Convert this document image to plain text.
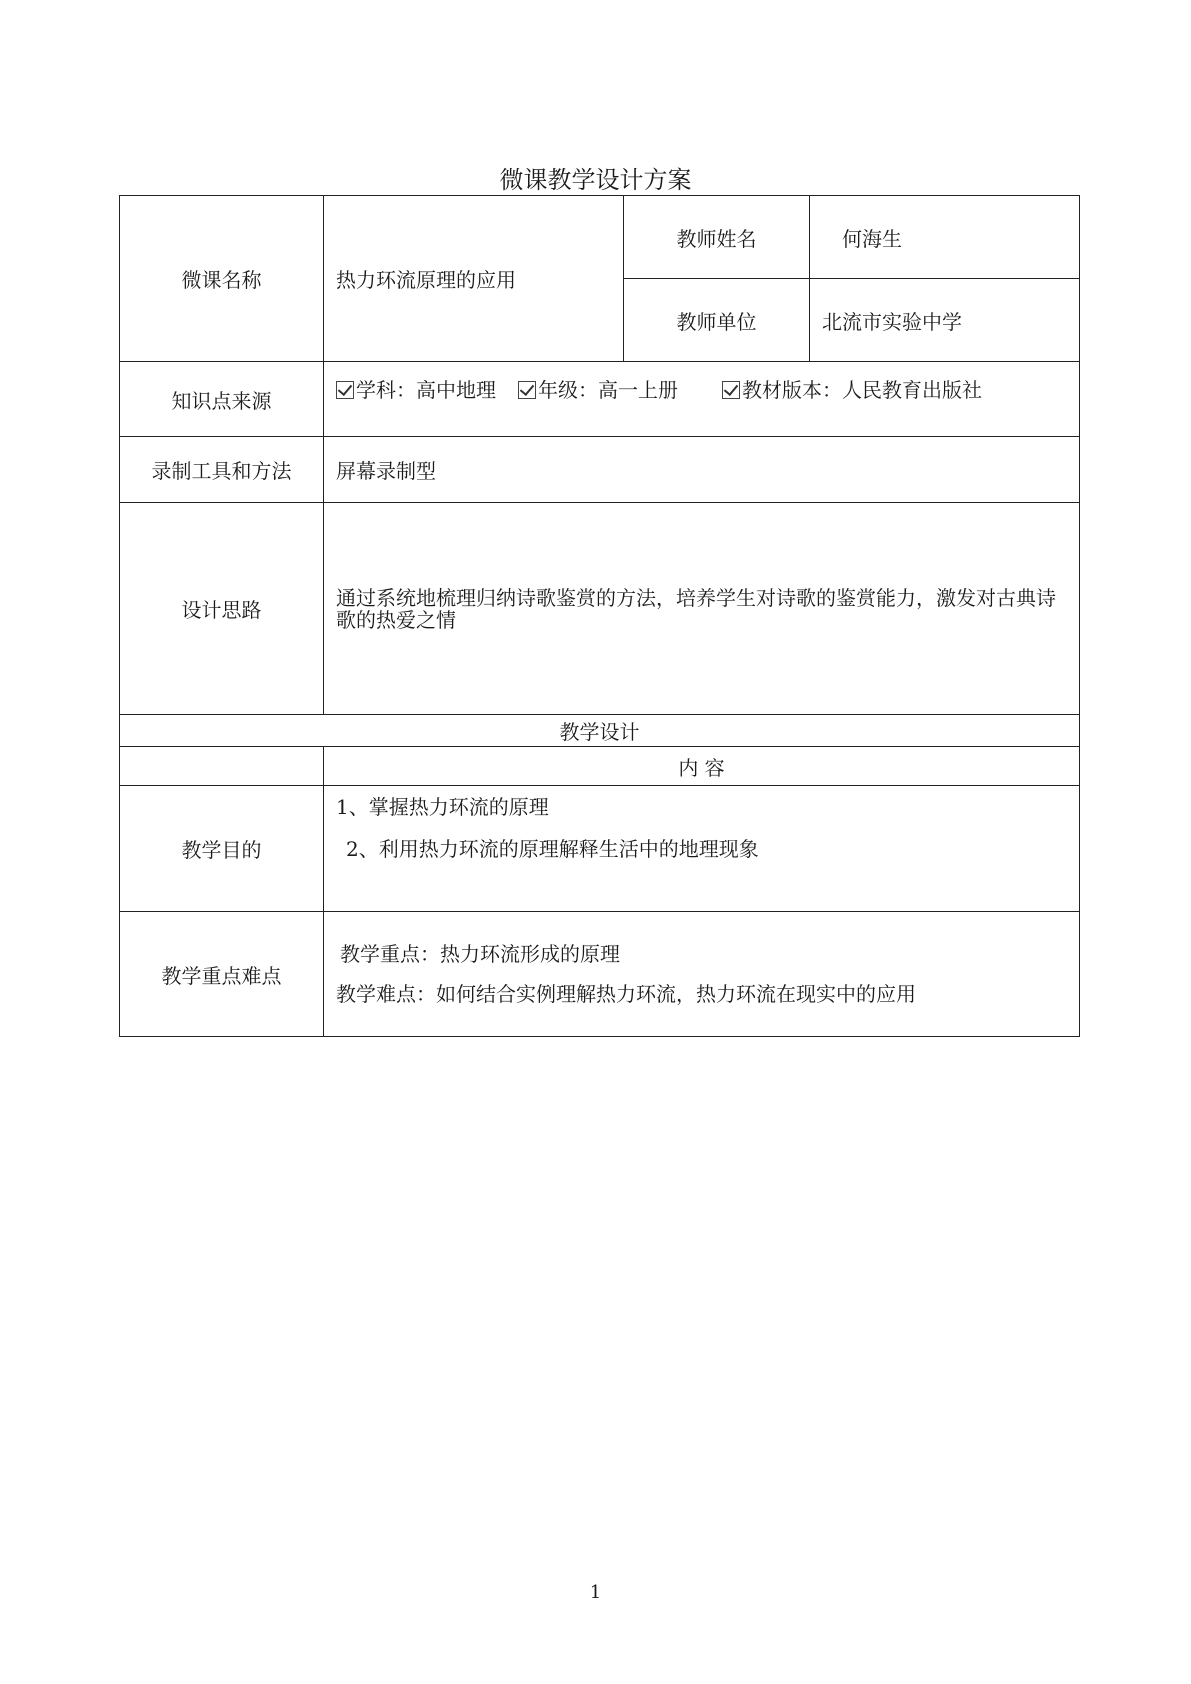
微课教学设计方案
微课名称	热力环流原理的应用	教师姓名	何海生
		教师单位	北流市实验中学
知识点来源	学科：高中地理 年级：高一上册 教材版本：人民教育出版社		
录制工具和方法	屏幕录制型		
设计思路	通过系统地梳理归纳诗歌鉴赏的方法，培养学生对诗歌的鉴赏能力，激发对古典诗歌的热爱之情		
教学设计			
	内 容		
教学目的	1、掌握热力环流的原理
2、利用热力环流的原理解释生活中的地理现象		

教学重点难点	教学重点：热力环流形成的原理
教学难点：如何结合实例理解热力环流，热力环流在现实中的应用		
1
